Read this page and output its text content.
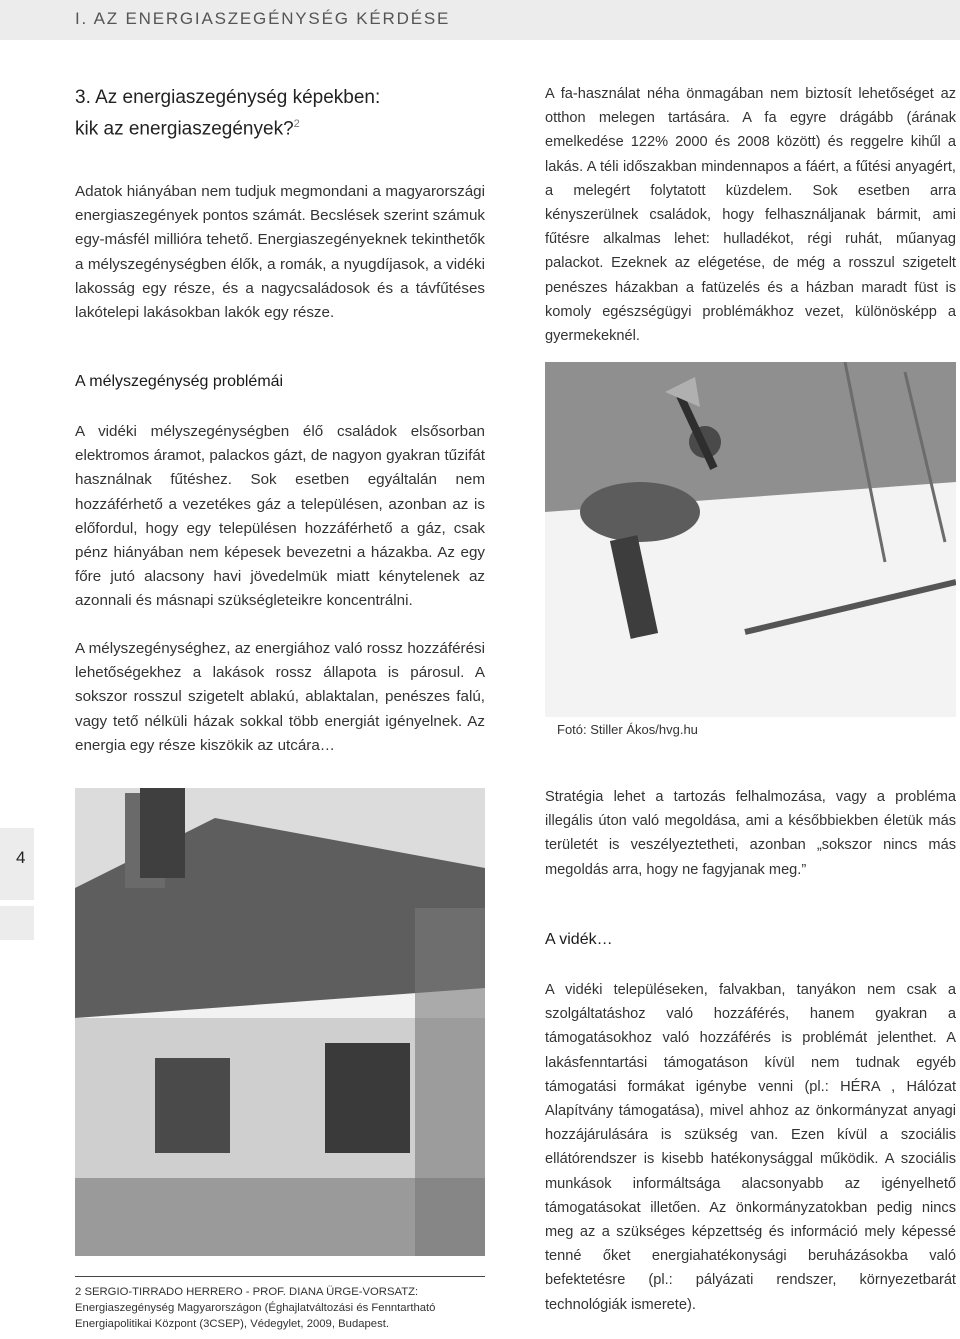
I. AZ ENERGIASZEGÉNYSÉG KÉRDÉSE
3. Az energiaszegénység képekben:
kik az energiaszegények?$^2$

Adatok hiányában nem tudjuk megmondani a magyarországi energiaszegények pontos számát. Becslések szerint számuk egy-másfél millióra tehető. Energiaszegényeknek tekinthetők a mélyszegénységben élők, a romák, a nyugdíjasok, a vidéki lakosság egy része, és a nagycsaládosok és a távfűtéses lakótelepi lakásokban lakók egy része.

A mélyszegénység problémái

A vidéki mélyszegénységben élő családok elsősorban elektromos áramot, palackos gázt, de nagyon gyakran tűzifát használnak fűtéshez. Sok esetben egyáltalán nem hozzáférhető a vezetékes gáz a településen, azonban az is előfordul, hogy egy településen hozzáférhető a gáz, csak pénz hiányában nem képesek bevezetni a házakba. Az egy főre jutó alacsony havi jövedelmük miatt kénytelenek az azonnali és másnapi szükségleteikre koncentrálni.

A mélyszegénységhez, az energiához való rossz hozzáférési lehetőségekhez a lakások rossz állapota is párosul. A sokszor rosszul szigetelt ablakú, ablaktalan, penészes falú, vagy tető nélküli házak sokkal több energiát igényelnek. Az energia egy része kiszökik az utcára…

2 SERGIO-TIRRADO HERRERO - PROF. DIANA ÜRGE-VORSATZ: Energiaszegénység Magyarországon (Éghajlatváltozási és Fenntartható Energiapolitikai Központ (3CSEP), Védegylet, 2009, Budapest.

A fa-használat néha önmagában nem biztosít lehetőséget az otthon melegen tartására. A fa egyre drágább (árának emelkedése 122% 2000 és 2008 között) és reggelre kihűl a lakás. A téli időszakban mindennapos a fáért, a fűtési anyagért, a melegért folytatott küzdelem. Sok esetben arra kényszerülnek családok, hogy felhasználjanak bármit, ami fűtésre alkalmas lehet: hulladékot, régi ruhát, műanyag palackot. Ezeknek az elégetése, de még a rosszul szigetelt penészes házakban a fatüzelés és a házban maradt füst is komoly egészségügyi problémákhoz vezet, különösképp a gyermekeknél.

Fotó: Stiller Ákos/hvg.hu

Stratégia lehet a tartozás felhalmozása, vagy a probléma illegális úton való megoldása, ami a későbbiekben életük más területét is veszélyeztetheti, azonban „sokszor nincs más megoldás arra, hogy ne fagyjanak meg.”

A vidék…

A vidéki településeken, falvakban, tanyákon nem csak a szolgáltatáshoz való hozzáférés, hanem gyakran a támogatásokhoz való hozzáférés is problémát jelenthet. A lakásfenntartási támogatáson kívül nem tudnak egyéb támogatási formákat igénybe venni (pl.: HÉRA , Hálózat Alapítvány támogatása), mivel ahhoz az önkormányzat anyagi hozzájárulására is szükség van. Ezen kívül a szociális ellátórendszer is kisebb hatékonysággal működik. A szociális munkások informáltsága alacsonyabb az igényelhető támogatásokat illetően. Az önkormányzatokban pedig nincs meg az a szükséges képzettség és információ mely képessé tenné őket energiahatékonysági beruházásokba való befektetésre (pl.: pályázati rendszer, környezetbarát technológiák ismerete).

4
